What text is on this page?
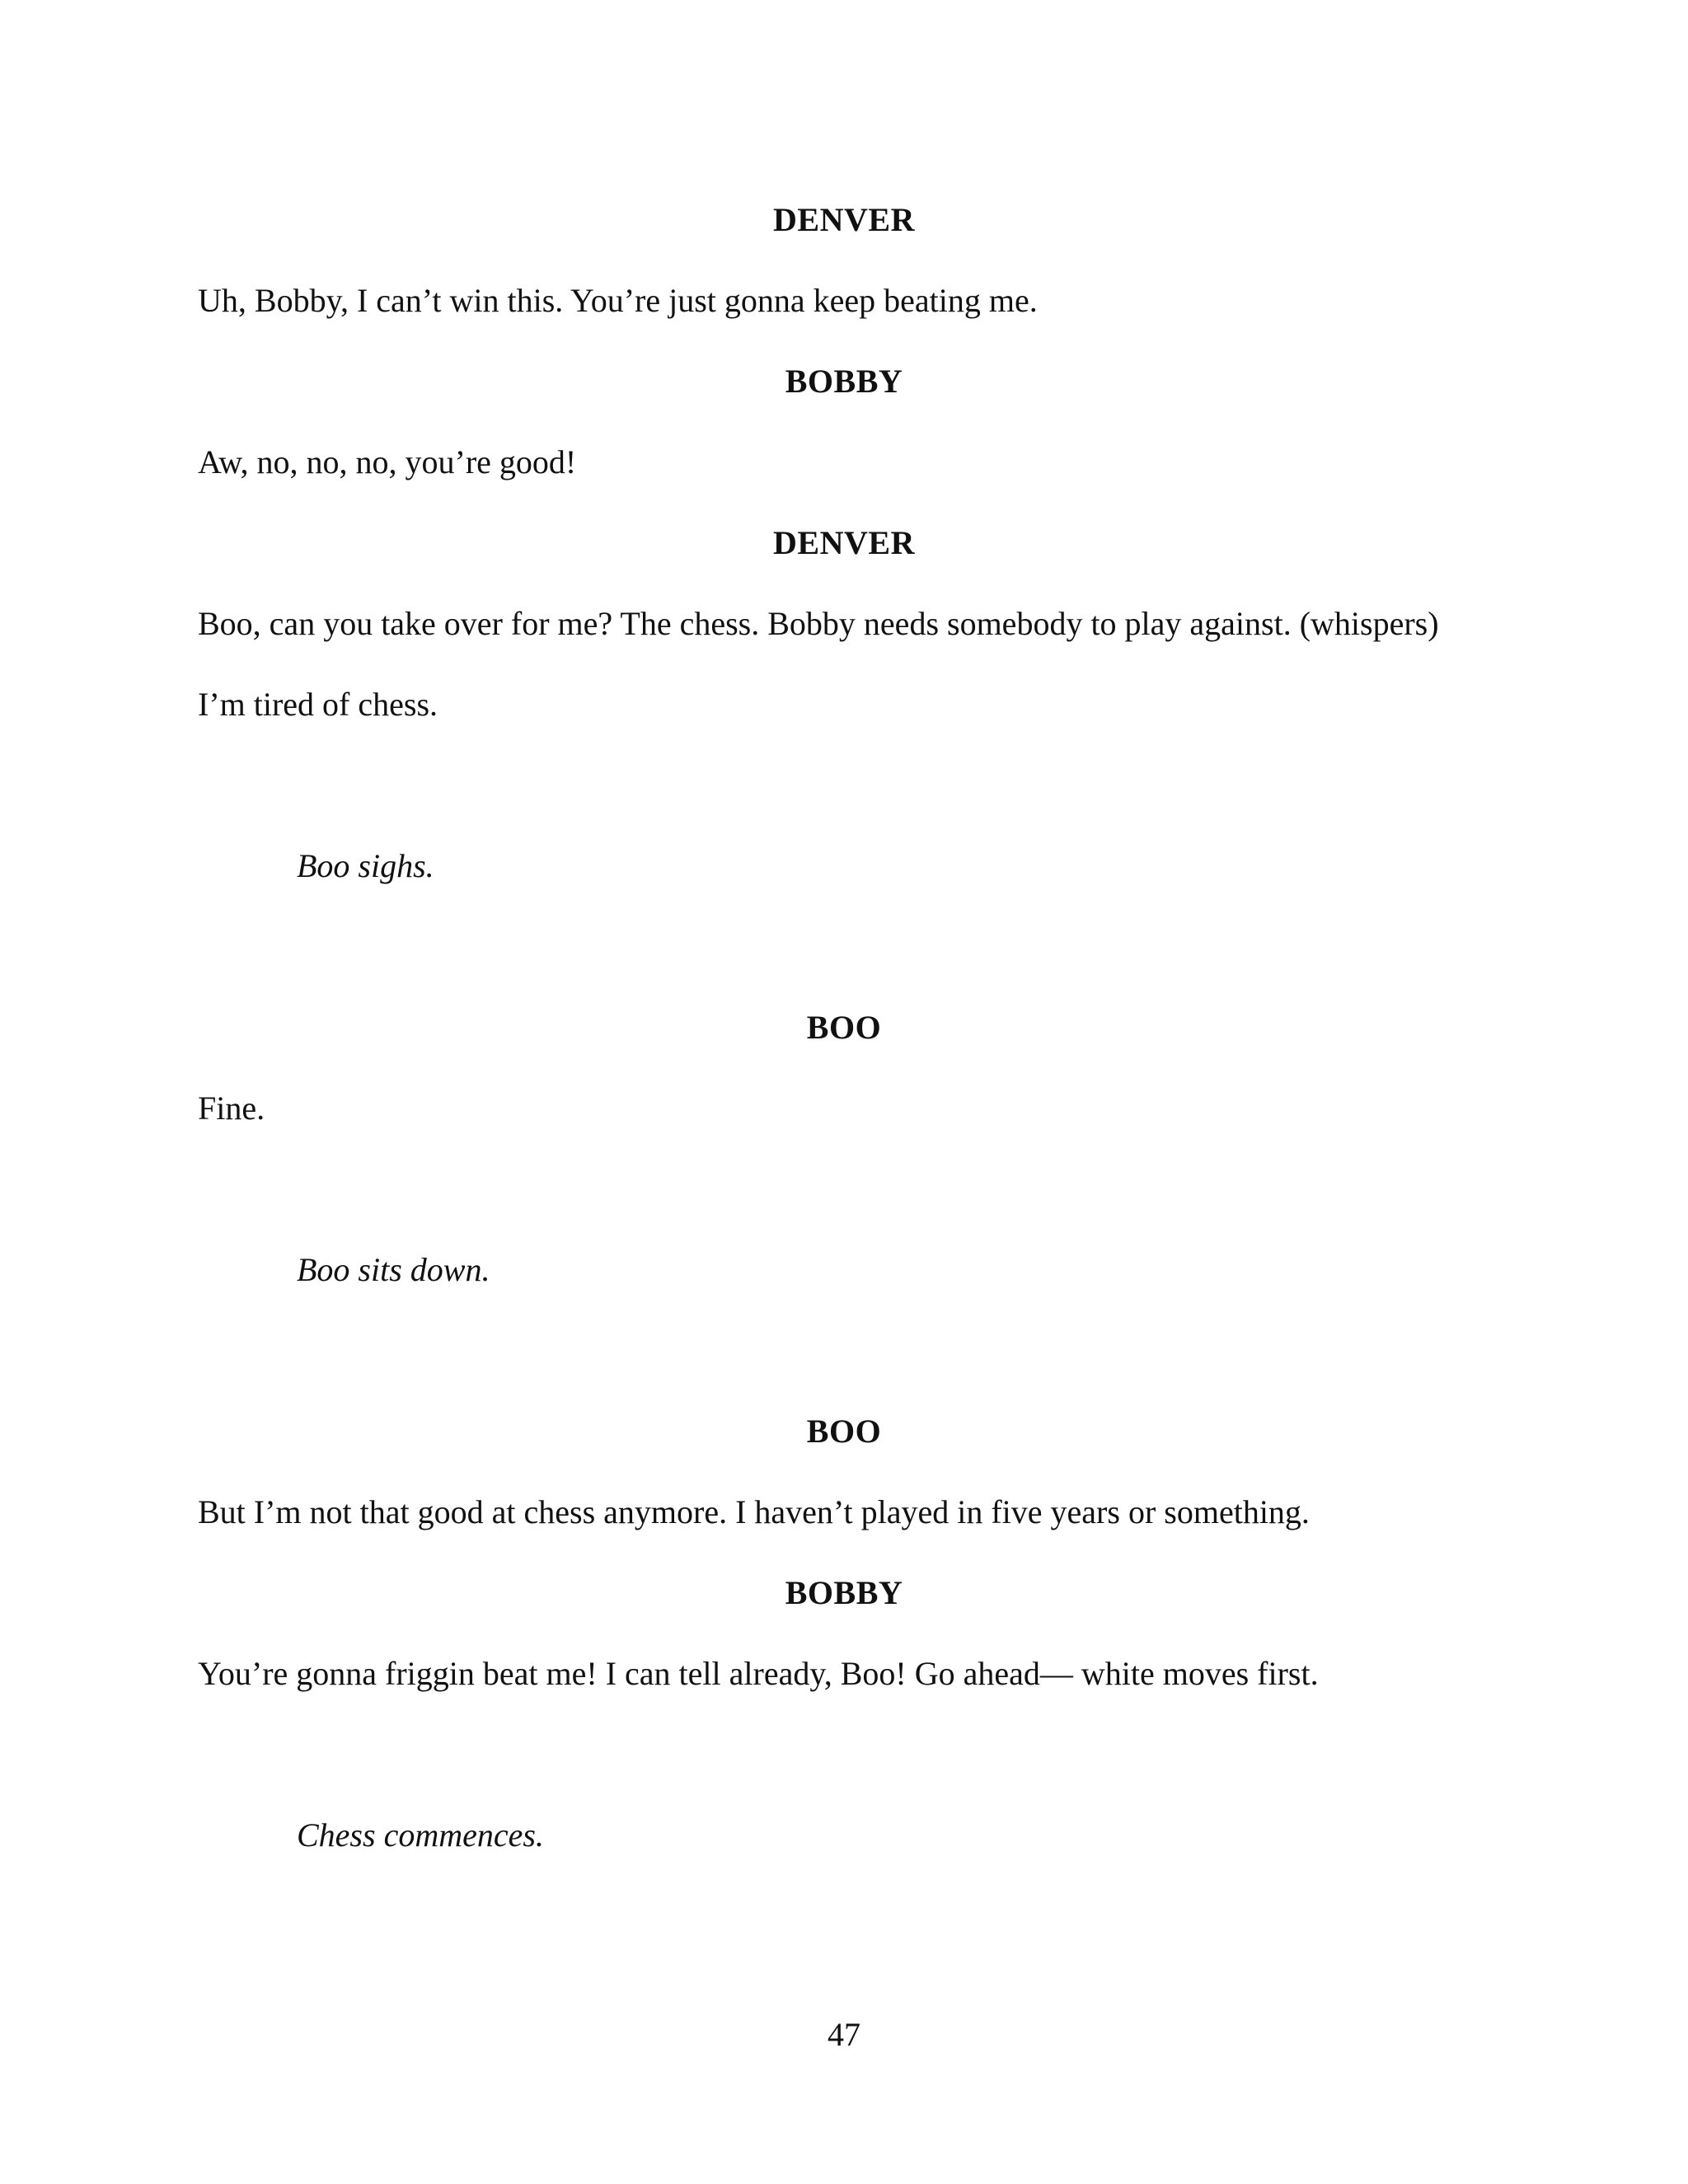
DENVER
Uh, Bobby, I can’t win this. You’re just gonna keep beating me.
BOBBY
Aw, no, no, no, you’re good!
DENVER
Boo, can you take over for me? The chess. Bobby needs somebody to play against. (whispers)
I’m tired of chess.
Boo sighs.
BOO
Fine.
Boo sits down.
BOO
But I’m not that good at chess anymore. I haven’t played in five years or something.
BOBBY
You’re gonna friggin beat me! I can tell already, Boo! Go ahead— white moves first.
Chess commences.
47
